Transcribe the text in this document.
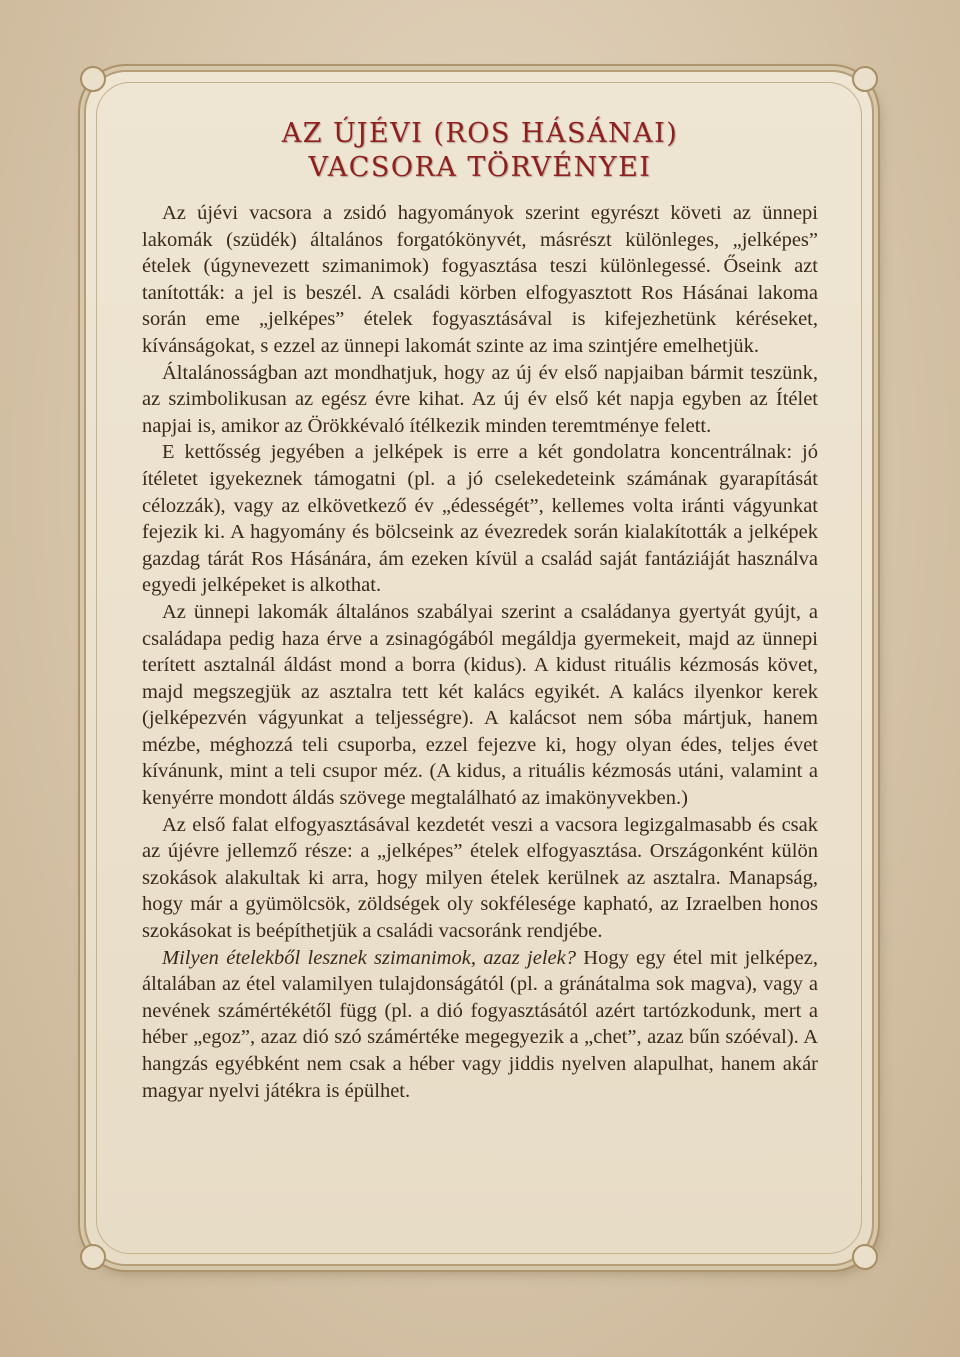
AZ ÚJÉVI (ROS HÁSÁNAI)
VACSORA TÖRVÉNYEI

Az újévi vacsora a zsidó hagyományok szerint egyrészt követi az ünnepi lakomák (szüdék) általános forgatókönyvét, másrészt különleges, „jelképes” ételek (úgynevezett szimanimok) fogyasztása teszi különlegessé. Őseink azt tanították: a jel is beszél. A családi körben elfogyasztott Ros Hásánai lakoma során eme „jelképes” ételek fogyasztásával is kifejezhetünk kéréseket, kívánságokat, s ezzel az ünnepi lakomát szinte az ima szintjére emelhetjük.

Általánosságban azt mondhatjuk, hogy az új év első napjaiban bármit teszünk, az szimbolikusan az egész évre kihat. Az új év első két napja egyben az Ítélet napjai is, amikor az Örökkévaló ítélkezik minden teremtménye felett.

E kettősség jegyében a jelképek is erre a két gondolatra koncentrálnak: jó ítéletet igyekeznek támogatni (pl. a jó cselekedeteink számának gyarapítását célozzák), vagy az elkövetkező év „édességét”, kellemes volta iránti vágyunkat fejezik ki. A hagyomány és bölcseink az évezredek során kialakították a jelképek gazdag tárát Ros Hásánára, ám ezeken kívül a család saját fantáziáját használva egyedi jelképeket is alkothat.

Az ünnepi lakomák általános szabályai szerint a családanya gyertyát gyújt, a családapa pedig haza érve a zsinagógából megáldja gyermekeit, majd az ünnepi terített asztalnál áldást mond a borra (kidus). A kidust rituális kézmosás követ, majd megszegjük az asztalra tett két kalács egyikét. A kalács ilyenkor kerek (jelképezvén vágyunkat a teljességre). A kalácsot nem sóba mártjuk, hanem mézbe, méghozzá teli csuporba, ezzel fejezve ki, hogy olyan édes, teljes évet kívánunk, mint a teli csupor méz. (A kidus, a rituális kézmosás utáni, valamint a kenyérre mondott áldás szövege megtalálható az imakönyvekben.)

Az első falat elfogyasztásával kezdetét veszi a vacsora legizgalmasabb és csak az újévre jellemző része: a „jelképes” ételek elfogyasztása. Országonként külön szokások alakultak ki arra, hogy milyen ételek kerülnek az asztalra. Manapság, hogy már a gyümölcsök, zöldségek oly sokfélesége kapható, az Izraelben honos szokásokat is beépíthetjük a családi vacsoránk rendjébe.

Milyen ételekből lesznek szimanimok, azaz jelek? Hogy egy étel mit jelképez, általában az étel valamilyen tulajdonságától (pl. a gránátalma sok magva), vagy a nevének számértékétől függ (pl. a dió fogyasztásától azért tartózkodunk, mert a héber „egoz”, azaz dió szó számértéke megegyezik a „chet”, azaz bűn szóéval). A hangzás egyébként nem csak a héber vagy jiddis nyelven alapulhat, hanem akár magyar nyelvi játékra is épülhet.
